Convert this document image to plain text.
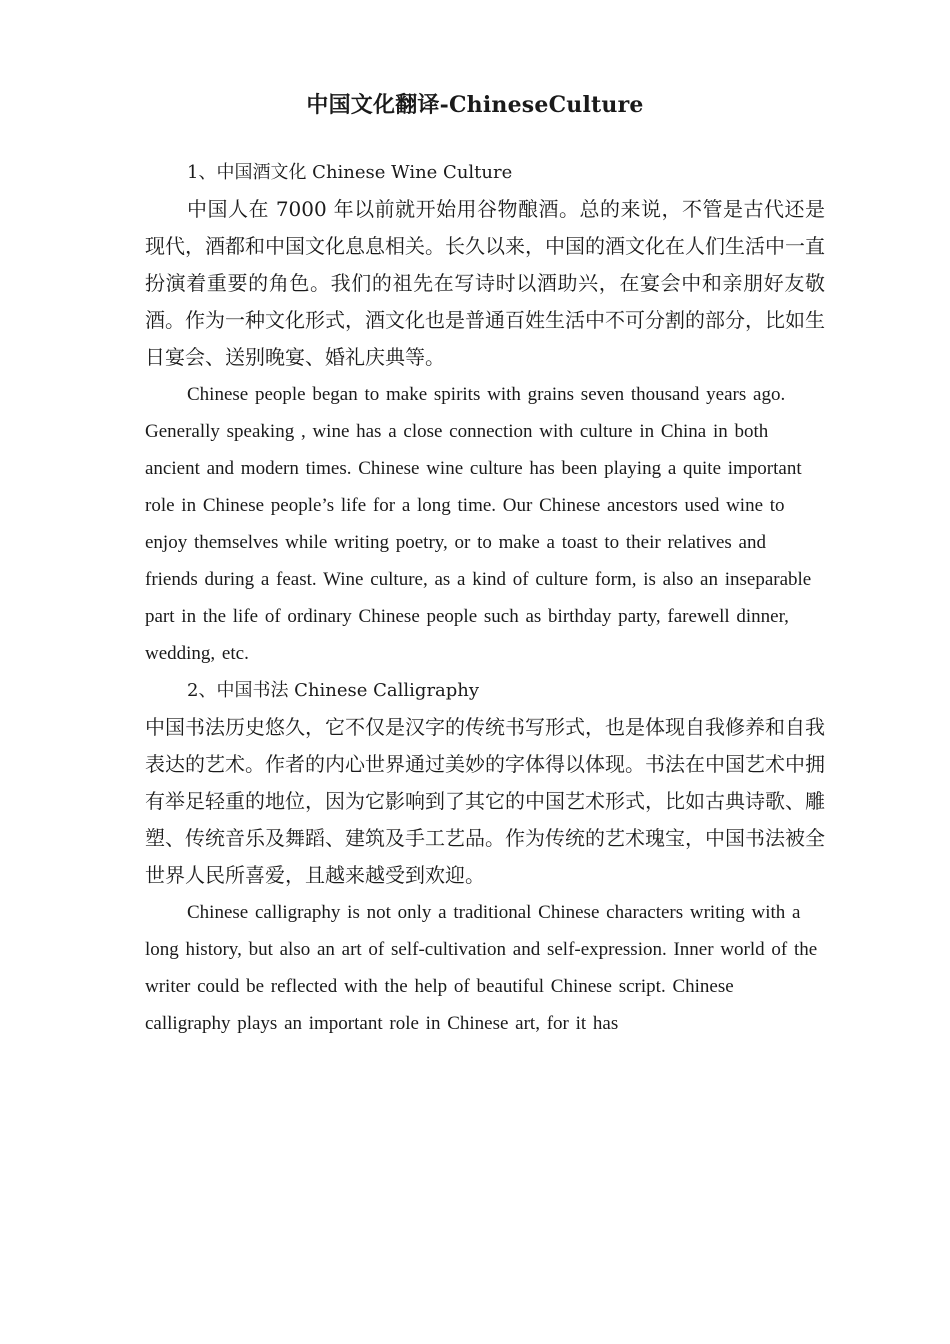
中国文化翻译-ChineseCulture
1、中国酒文化 Chinese Wine Culture

中国人在 7000 年以前就开始用谷物酿酒。总的来说，不管是古代还是现代，酒都和中国文化息息相关。长久以来，中国的酒文化在人们生活中一直扮演着重要的角色。我们的祖先在写诗时以酒助兴，在宴会中和亲朋好友敬酒。作为一种文化形式，酒文化也是普通百姓生活中不可分割的部分，比如生日宴会、送别晚宴、婚礼庆典等。

Chinese people began to make spirits with grains seven thousand years ago. Generally speaking , wine has a close connection with culture in China in both ancient and modern times. Chinese wine culture has been playing a quite important role in Chinese people’s life for a long time. Our Chinese ancestors used wine to enjoy themselves while writing poetry, or to make a toast to their relatives and friends during a feast. Wine culture, as a kind of culture form, is also an inseparable part in the life of ordinary Chinese people such as birthday party, farewell dinner, wedding, etc.

2、中国书法 Chinese Calligraphy

中国书法历史悠久，它不仅是汉字的传统书写形式，也是体现自我修养和自我表达的艺术。作者的内心世界通过美妙的字体得以体现。书法在中国艺术中拥有举足轻重的地位，因为它影响到了其它的中国艺术形式，比如古典诗歌、雕塑、传统音乐及舞蹈、建筑及手工艺品。作为传统的艺术瑰宝，中国书法被全世界人民所喜爱，且越来越受到欢迎。

Chinese calligraphy is not only a traditional Chinese characters writing with a long history, but also an art of self-cultivation and self-expression. Inner world of the writer could be reflected with the help of beautiful Chinese script. Chinese calligraphy plays an important role in Chinese art, for it has
